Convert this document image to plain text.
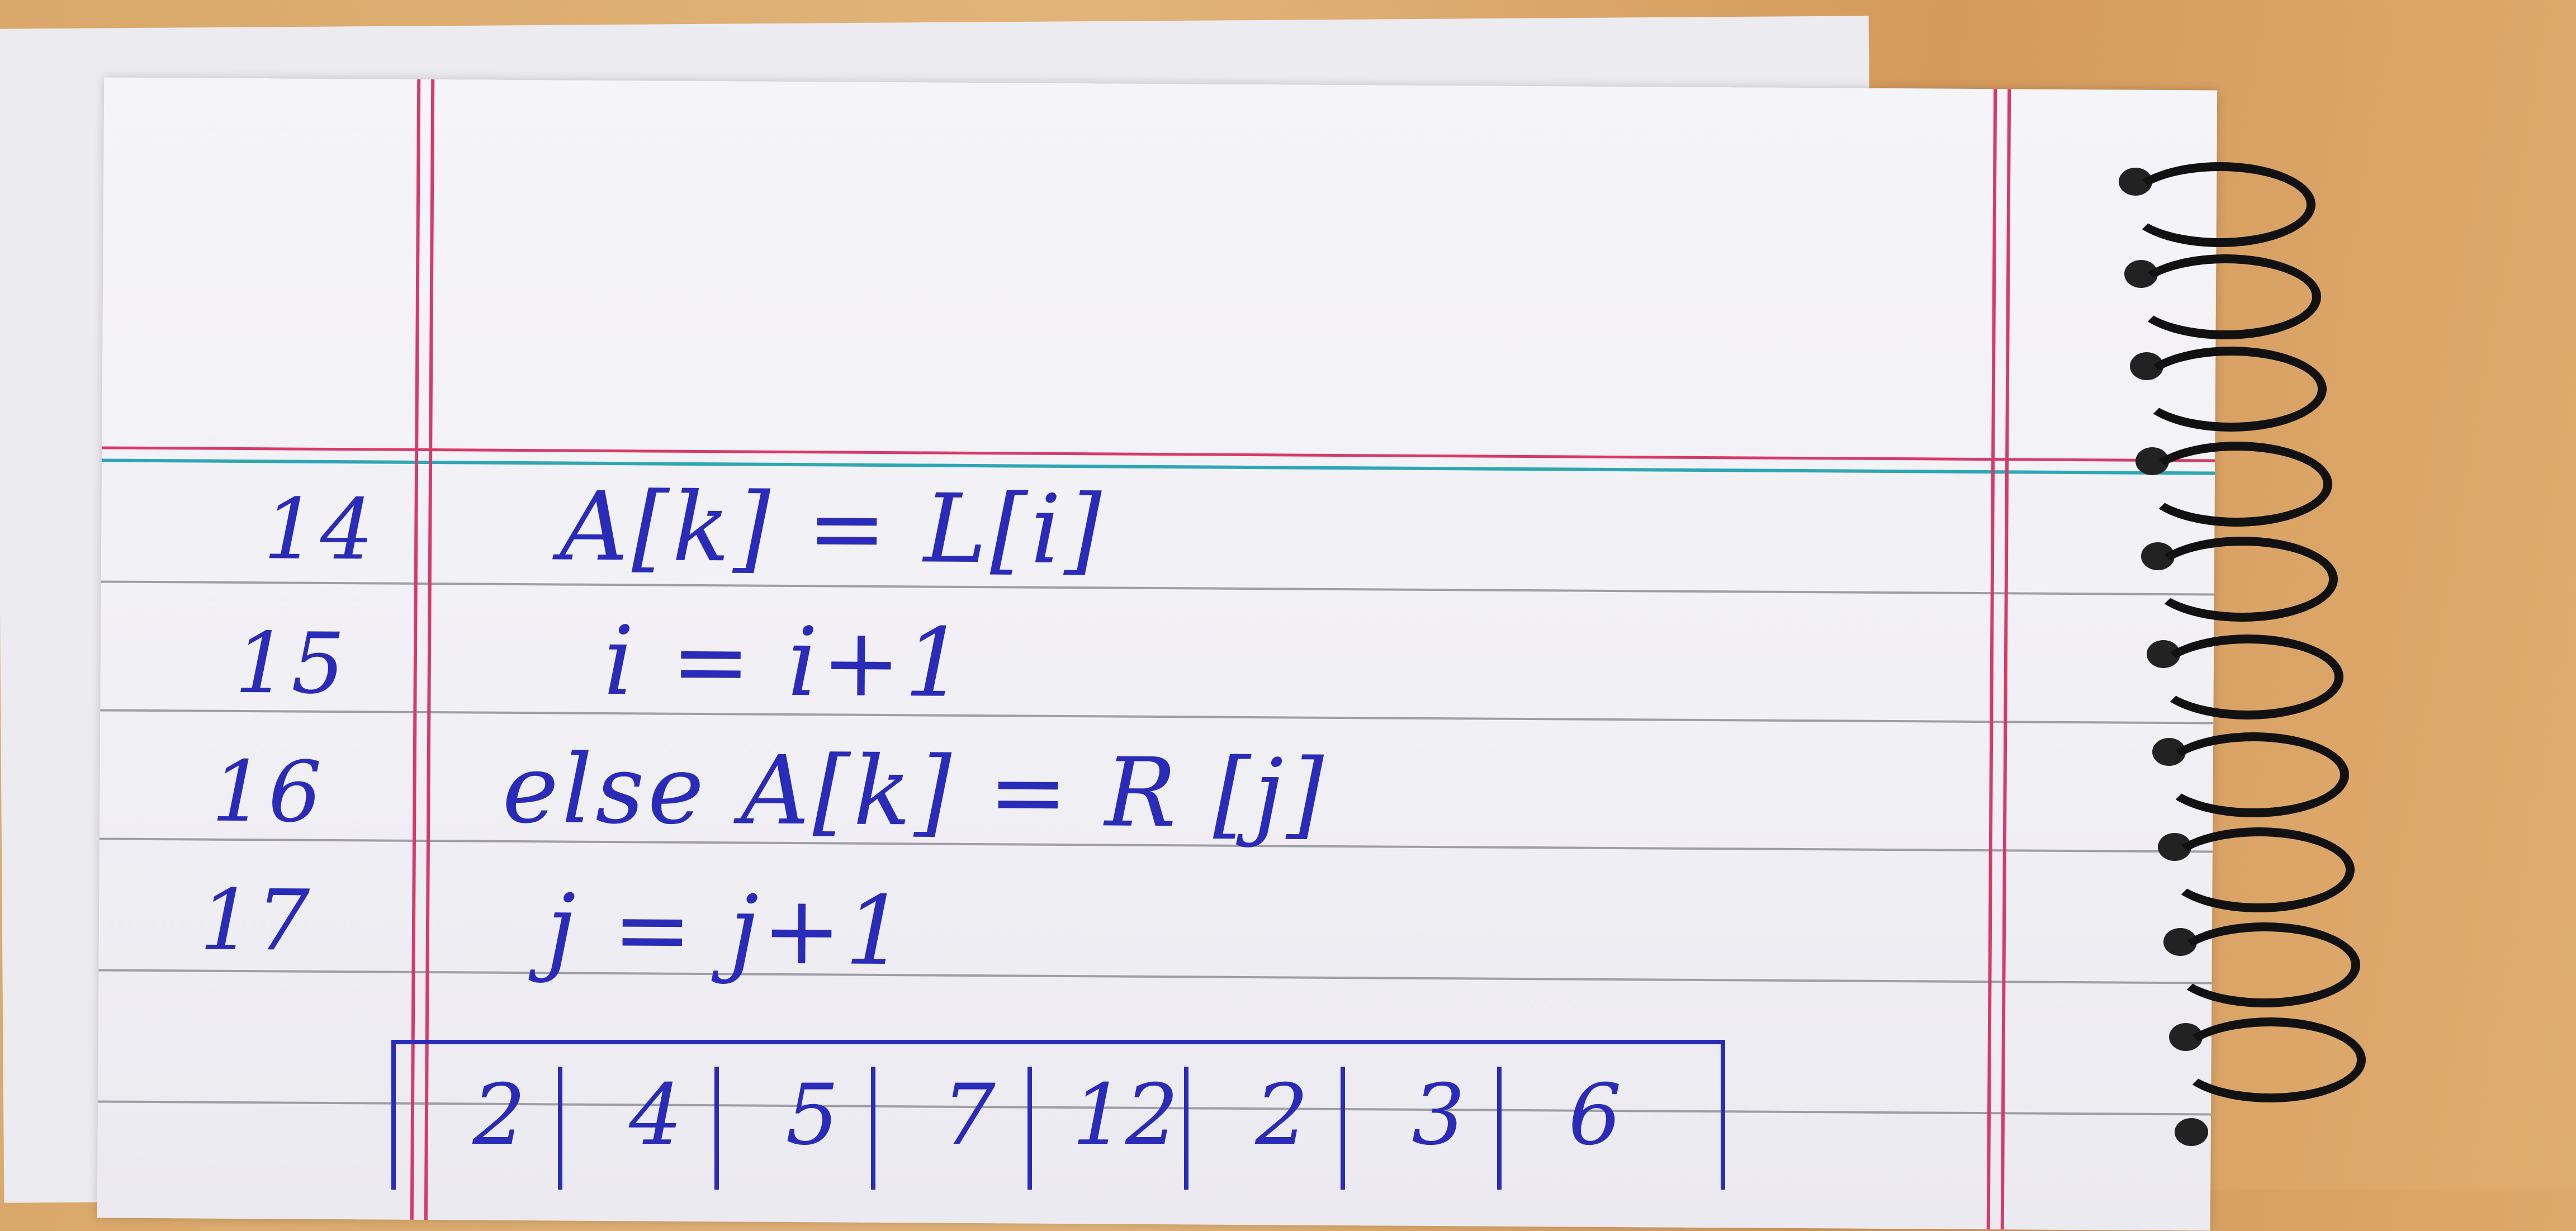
14 A[k] = L[i]
15	i = i+1
16 else A[k] = R [j]
17 j = j+1
2	4	5	7 12 2	3	6
